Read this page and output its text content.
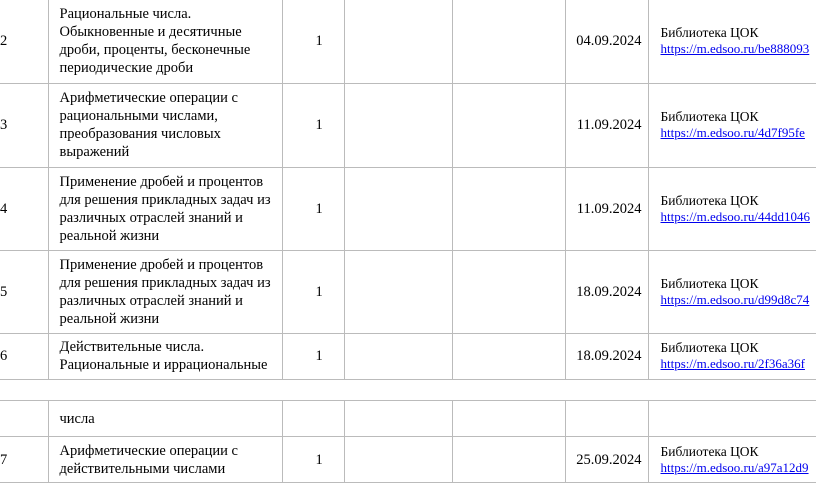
2	Рациональные числа. Обыкновенные и десятичные дроби, проценты, бесконечные периодические дроби	1			04.09.2024	Библиотека ЦОК
https://m.edsoo.ru/be888093

3	Арифметические операции с рациональными числами, преобразования числовых выражений	1			11.09.2024	Библиотека ЦОК
https://m.edsoo.ru/4d7f95fe

4	Применение дробей и процентов для решения прикладных задач из различных отраслей знаний и реальной жизни	1			11.09.2024	Библиотека ЦОК
https://m.edsoo.ru/44dd1046

5	Применение дробей и процентов для решения прикладных задач из различных отраслей знаний и реальной жизни	1			18.09.2024	Библиотека ЦОК
https://m.edsoo.ru/d99d8c74

6	Действительные числа. Рациональные и иррациональные	1			18.09.2024	Библиотека ЦОК
https://m.edsoo.ru/2f36a36f
	числа					
7	Арифметические операции с действительными числами	1			25.09.2024	Библиотека ЦОК
https://m.edsoo.ru/a97a12d9
